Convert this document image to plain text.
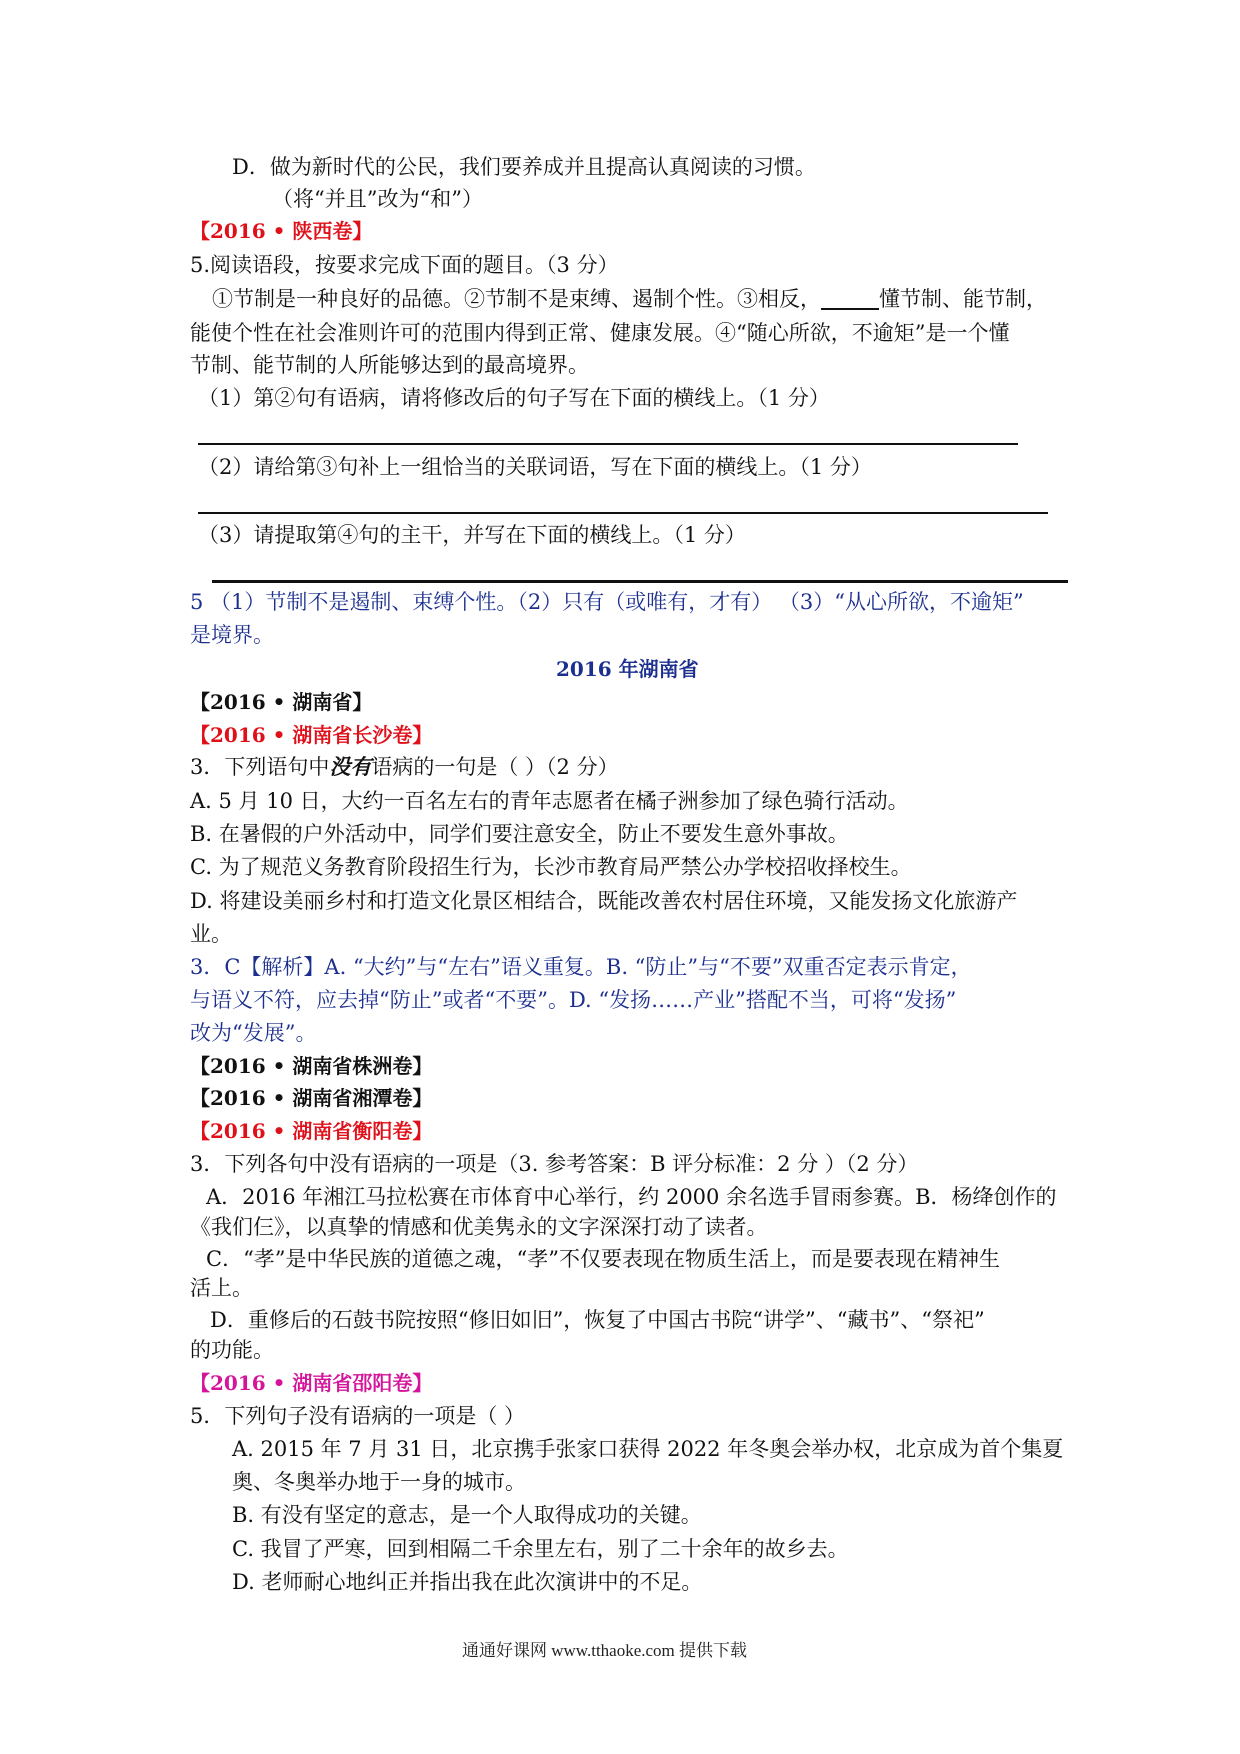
D．做为新时代的公民，我们要养成并且提高认真阅读的习惯。
（将“并且”改为“和”）
【2016 • 陕西卷】
5.阅读语段，按要求完成下面的题目。（3 分）
①节制是一种良好的品德。②节制不是束缚、遏制个性。③相反，	懂节制、能节制，
能使个性在社会准则许可的范围内得到正常、健康发展。④“随心所欲，不逾矩”是一个懂
节制、能节制的人所能够达到的最高境界。
（1）第②句有语病，请将修改后的句子写在下面的横线上。（1 分）
（2）请给第③句补上一组恰当的关联词语，写在下面的横线上。（1 分）
（3）请提取第④句的主干，并写在下面的横线上。（1 分）
5 （1）节制不是遏制、束缚个性。（2）只有（或唯有，才有） （3）“从心所欲，不逾矩”
是境界。
2016 年湖南省
【2016 • 湖南省】
【2016 • 湖南省长沙卷】
3．下列语句中没有语病的一句是（ ）（2 分）
A. 5 月 10 日，大约一百名左右的青年志愿者在橘子洲参加了绿色骑行活动。
B. 在暑假的户外活动中，同学们要注意安全，防止不要发生意外事故。
C. 为了规范义务教育阶段招生行为，长沙市教育局严禁公办学校招收择校生。
D. 将建设美丽乡村和打造文化景区相结合，既能改善农村居住环境，又能发扬文化旅游产
业。
3．C【解析】A. “大约”与“左右”语义重复。B. “防止”与“不要”双重否定表示肯定，
与语义不符，应去掉“防止”或者“不要”。D. “发扬……产业”搭配不当，可将“发扬”
改为“发展”。
【2016 • 湖南省株洲卷】
【2016 • 湖南省湘潭卷】
【2016 • 湖南省衡阳卷】
3．下列各句中没有语病的一项是（3. 参考答案：B 评分标准：2 分 ）（2 分）
A．2016 年湘江马拉松赛在市体育中心举行，约 2000 余名选手冒雨参赛。B．杨绛创作的
《我们仨》，以真挚的情感和优美隽永的文字深深打动了读者。
C．“孝”是中华民族的道德之魂，“孝”不仅要表现在物质生活上，而是要表现在精神生
活上。
D．重修后的石鼓书院按照“修旧如旧”，恢复了中国古书院“讲学”、“藏书”、“祭祀”
的功能。
【2016 • 湖南省邵阳卷】
5．下列句子没有语病的一项是（ ）
A. 2015 年 7 月 31 日，北京携手张家口获得 2022 年冬奥会举办权，北京成为首个集夏
奥、冬奥举办地于一身的城市。
B. 有没有坚定的意志，是一个人取得成功的关键。
C. 我冒了严寒，回到相隔二千余里左右，别了二十余年的故乡去。
D. 老师耐心地纠正并指出我在此次演讲中的不足。
通通好课网 www.tthaoke.com 提供下载
